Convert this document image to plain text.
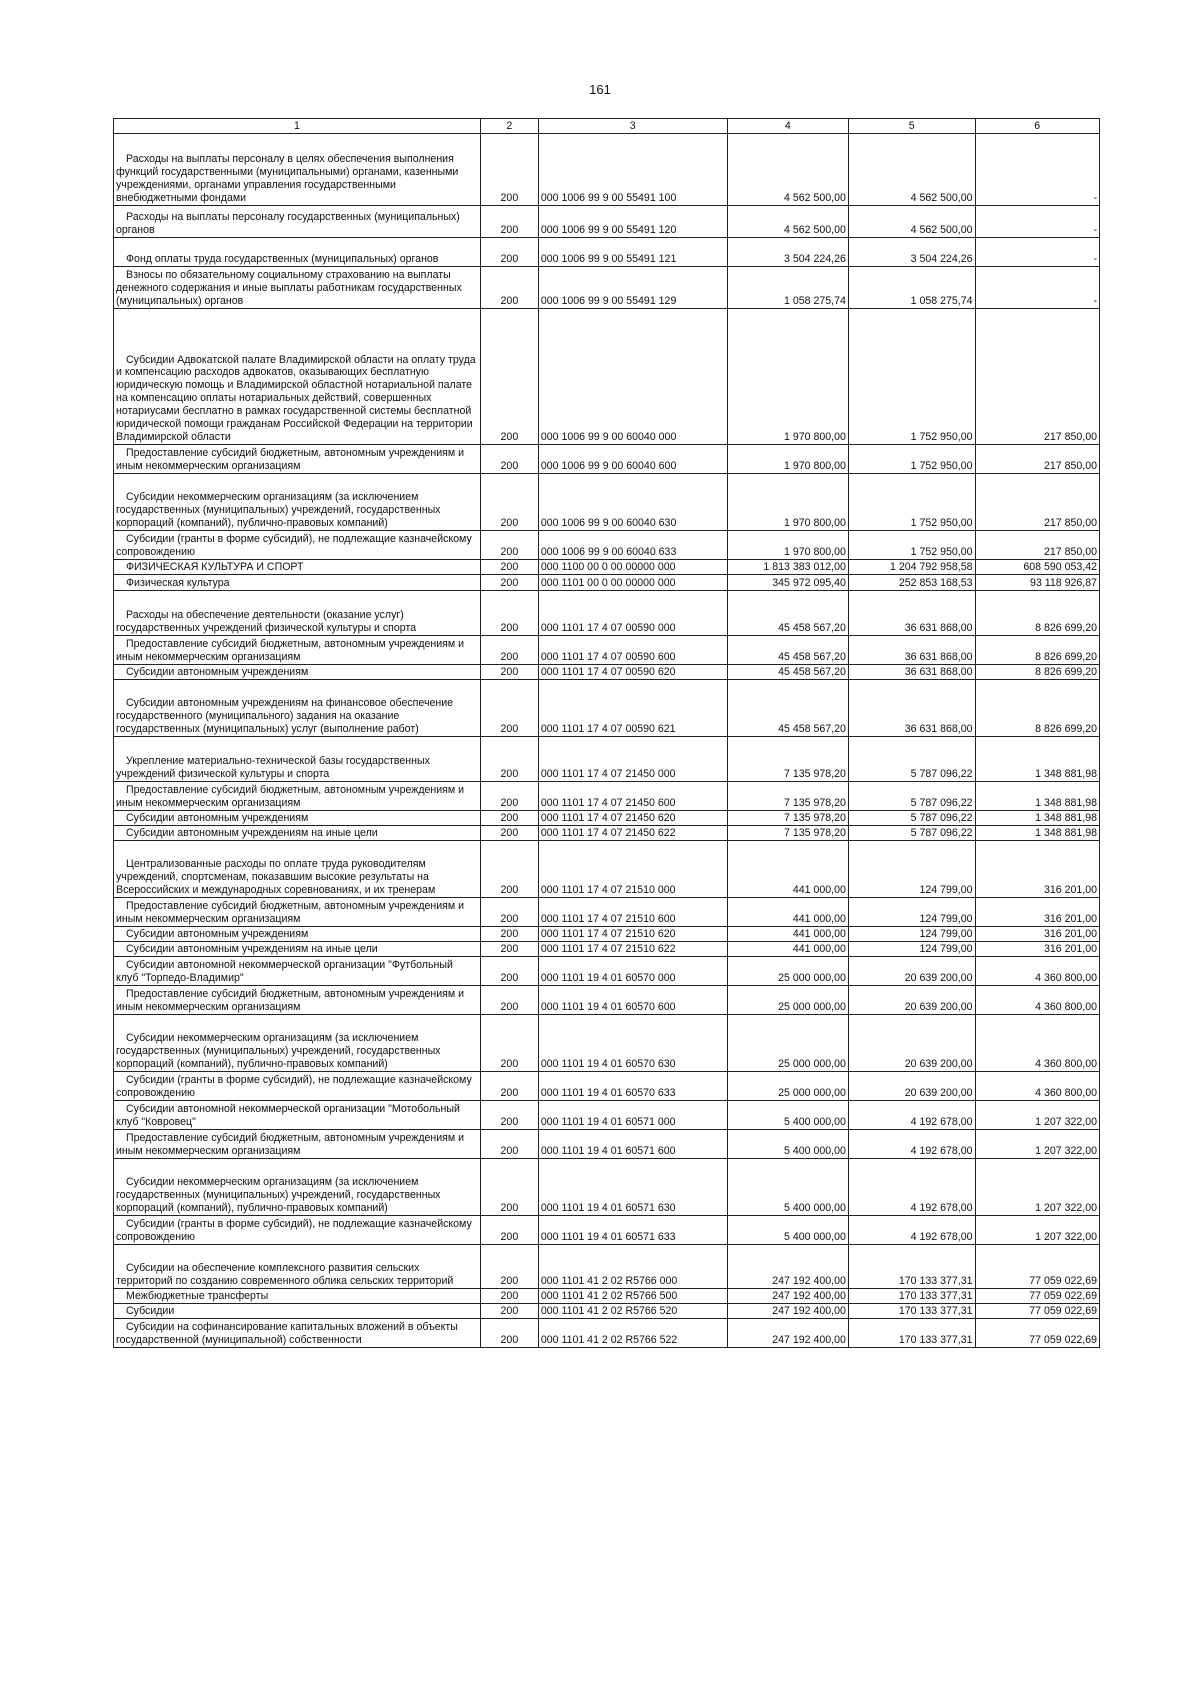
161
1	2	3	4	5	6
Расходы на выплаты персоналу в целях обеспечения выполнения функций государственными (муниципальными) органами, казенными учреждениями, органами управления государственными внебюджетными фондами	200	000 1006 99 9 00 55491 100	4 562 500,00	4 562 500,00	-
Расходы на выплаты персоналу государственных (муниципальных) органов	200	000 1006 99 9 00 55491 120	4 562 500,00	4 562 500,00	-
Фонд оплаты труда государственных (муниципальных) органов	200	000 1006 99 9 00 55491 121	3 504 224,26	3 504 224,26	-
Взносы по обязательному социальному страхованию на выплаты денежного содержания и иные выплаты работникам государственных (муниципальных) органов	200	000 1006 99 9 00 55491 129	1 058 275,74	1 058 275,74	-
Субсидии Адвокатской палате Владимирской области на оплату труда и компенсацию расходов адвокатов, оказывающих бесплатную юридическую помощь и Владимирской областной нотариальной палате на компенсацию оплаты нотариальных действий, совершенных нотариусами бесплатно в рамках государственной системы бесплатной юридической помощи гражданам Российской Федерации на территории Владимирской области	200	000 1006 99 9 00 60040 000	1 970 800,00	1 752 950,00	217 850,00
Предоставление субсидий бюджетным, автономным учреждениям и иным некоммерческим организациям	200	000 1006 99 9 00 60040 600	1 970 800,00	1 752 950,00	217 850,00
Субсидии некоммерческим организациям (за исключением государственных (муниципальных) учреждений, государственных корпораций (компаний), публично-правовых компаний)	200	000 1006 99 9 00 60040 630	1 970 800,00	1 752 950,00	217 850,00
Субсидии (гранты в форме субсидий), не подлежащие казначейскому сопровождению	200	000 1006 99 9 00 60040 633	1 970 800,00	1 752 950,00	217 850,00
ФИЗИЧЕСКАЯ КУЛЬТУРА И СПОРТ	200	000 1100 00 0 00 00000 000	1 813 383 012,00	1 204 792 958,58	608 590 053,42
Физическая культура	200	000 1101 00 0 00 00000 000	345 972 095,40	252 853 168,53	93 118 926,87
Расходы на обеспечение деятельности (оказание услуг) государственных учреждений физической культуры и спорта	200	000 1101 17 4 07 00590 000	45 458 567,20	36 631 868,00	8 826 699,20
Предоставление субсидий бюджетным, автономным учреждениям и иным некоммерческим организациям	200	000 1101 17 4 07 00590 600	45 458 567,20	36 631 868,00	8 826 699,20
Субсидии автономным учреждениям	200	000 1101 17 4 07 00590 620	45 458 567,20	36 631 868,00	8 826 699,20
Субсидии автономным учреждениям на финансовое обеспечение государственного (муниципального) задания на оказание государственных (муниципальных) услуг (выполнение работ)	200	000 1101 17 4 07 00590 621	45 458 567,20	36 631 868,00	8 826 699,20
Укрепление материально-технической базы государственных учреждений физической культуры и спорта	200	000 1101 17 4 07 21450 000	7 135 978,20	5 787 096,22	1 348 881,98
Предоставление субсидий бюджетным, автономным учреждениям и иным некоммерческим организациям	200	000 1101 17 4 07 21450 600	7 135 978,20	5 787 096,22	1 348 881,98
Субсидии автономным учреждениям	200	000 1101 17 4 07 21450 620	7 135 978,20	5 787 096,22	1 348 881,98
Субсидии автономным учреждениям на иные цели	200	000 1101 17 4 07 21450 622	7 135 978,20	5 787 096,22	1 348 881,98
Централизованные расходы по оплате труда руководителям учреждений, спортсменам, показавшим высокие результаты на Всероссийских и международных соревнованиях, и их тренерам	200	000 1101 17 4 07 21510 000	441 000,00	124 799,00	316 201,00
Предоставление субсидий бюджетным, автономным учреждениям и иным некоммерческим организациям	200	000 1101 17 4 07 21510 600	441 000,00	124 799,00	316 201,00
Субсидии автономным учреждениям	200	000 1101 17 4 07 21510 620	441 000,00	124 799,00	316 201,00
Субсидии автономным учреждениям на иные цели	200	000 1101 17 4 07 21510 622	441 000,00	124 799,00	316 201,00
Субсидии автономной некоммерческой организации "Футбольный клуб "Торпедо-Владимир"	200	000 1101 19 4 01 60570 000	25 000 000,00	20 639 200,00	4 360 800,00
Предоставление субсидий бюджетным, автономным учреждениям и иным некоммерческим организациям	200	000 1101 19 4 01 60570 600	25 000 000,00	20 639 200,00	4 360 800,00
Субсидии некоммерческим организациям (за исключением государственных (муниципальных) учреждений, государственных корпораций (компаний), публично-правовых компаний)	200	000 1101 19 4 01 60570 630	25 000 000,00	20 639 200,00	4 360 800,00
Субсидии (гранты в форме субсидий), не подлежащие казначейскому сопровождению	200	000 1101 19 4 01 60570 633	25 000 000,00	20 639 200,00	4 360 800,00
Субсидии автономной некоммерческой организации "Мотобольный клуб "Ковровец"	200	000 1101 19 4 01 60571 000	5 400 000,00	4 192 678,00	1 207 322,00
Предоставление субсидий бюджетным, автономным учреждениям и иным некоммерческим организациям	200	000 1101 19 4 01 60571 600	5 400 000,00	4 192 678,00	1 207 322,00
Субсидии некоммерческим организациям (за исключением государственных (муниципальных) учреждений, государственных корпораций (компаний), публично-правовых компаний)	200	000 1101 19 4 01 60571 630	5 400 000,00	4 192 678,00	1 207 322,00
Субсидии (гранты в форме субсидий), не подлежащие казначейскому сопровождению	200	000 1101 19 4 01 60571 633	5 400 000,00	4 192 678,00	1 207 322,00
Субсидии на обеспечение комплексного развития сельских территорий по созданию современного облика сельских территорий	200	000 1101 41 2 02 R5766 000	247 192 400,00	170 133 377,31	77 059 022,69
Межбюджетные трансферты	200	000 1101 41 2 02 R5766 500	247 192 400,00	170 133 377,31	77 059 022,69
Субсидии	200	000 1101 41 2 02 R5766 520	247 192 400,00	170 133 377,31	77 059 022,69
Субсидии на софинансирование капитальных вложений в объекты государственной (муниципальной) собственности	200	000 1101 41 2 02 R5766 522	247 192 400,00	170 133 377,31	77 059 022,69
